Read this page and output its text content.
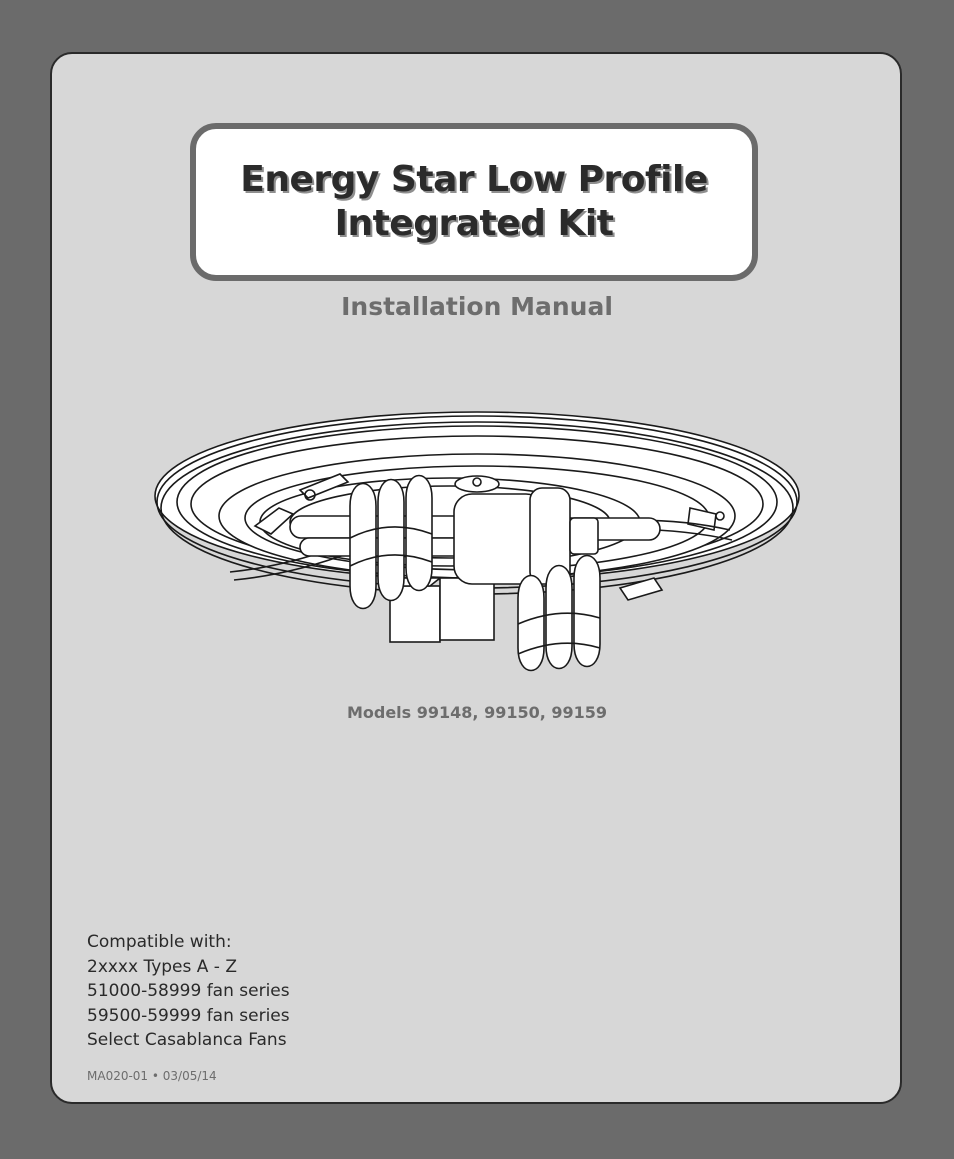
Energy Star Low Profile
Integrated Kit
Installation Manual
Models 99148, 99150, 99159
Compatible with:
2xxxx Types A - Z
51000-58999 fan series
59500-59999 fan series
Select Casablanca Fans
MA020-01 • 03/05/14
